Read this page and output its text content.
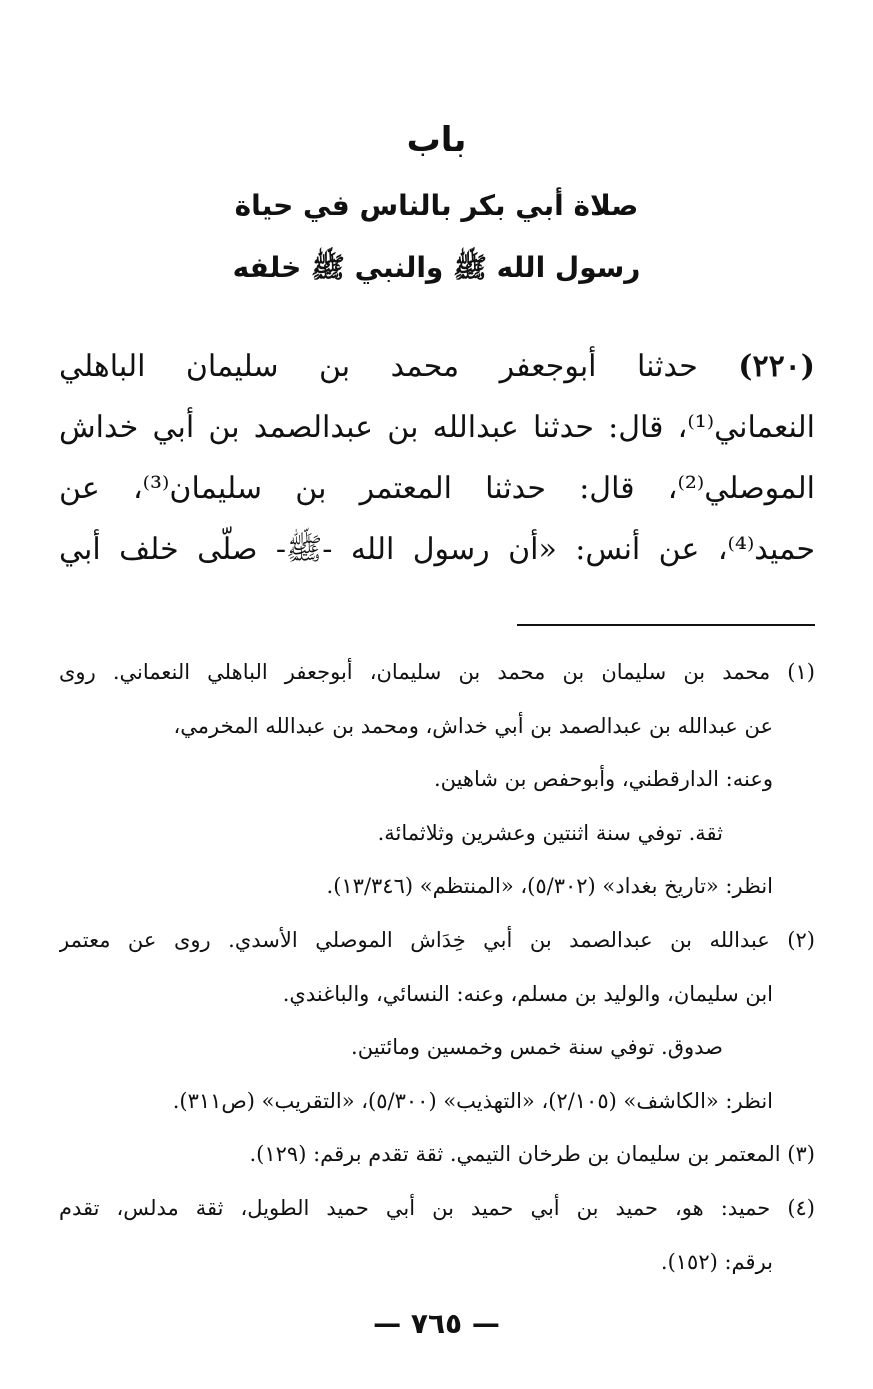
باب
صلاة أبي بكر بالناس في حياة
رسول الله ﷺ والنبي ﷺ خلفه
(٢٢٠) حدثنا أبوجعفر محمد بن سليمان الباهلي
النعماني⁽¹⁾، قال: حدثنا عبدالله بن عبدالصمد بن أبي خداش
الموصلي⁽²⁾، قال: حدثنا المعتمر بن سليمان⁽³⁾، عن
حميد⁽⁴⁾، عن أنس: «أن رسول الله -ﷺ- صلّى خلف أبي
(١) محمد بن سليمان بن محمد بن سليمان، أبوجعفر الباهلي النعماني. روى
عن عبدالله بن عبدالصمد بن أبي خداش، ومحمد بن عبدالله المخرمي،
وعنه: الدارقطني، وأبوحفص بن شاهين.
ثقة. توفي سنة اثنتين وعشرين وثلاثمائة.
انظر: «تاريخ بغداد» (٥/٣٠٢)، «المنتظم» (١٣/٣٤٦).
(٢) عبدالله بن عبدالصمد بن أبي خِدَاش الموصلي الأسدي. روى عن معتمر
ابن سليمان، والوليد بن مسلم، وعنه: النسائي، والباغندي.
صدوق. توفي سنة خمس وخمسين ومائتين.
انظر: «الكاشف» (٢/١٠٥)، «التهذيب» (٥/٣٠٠)، «التقريب» (ص٣١١).
(٣) المعتمر بن سليمان بن طرخان التيمي. ثقة تقدم برقم: (١٢٩).
(٤) حميد: هو، حميد بن أبي حميد بن أبي حميد الطويل، ثقة مدلس، تقدم
برقم: (١٥٢).
— ٧٦٥ —
